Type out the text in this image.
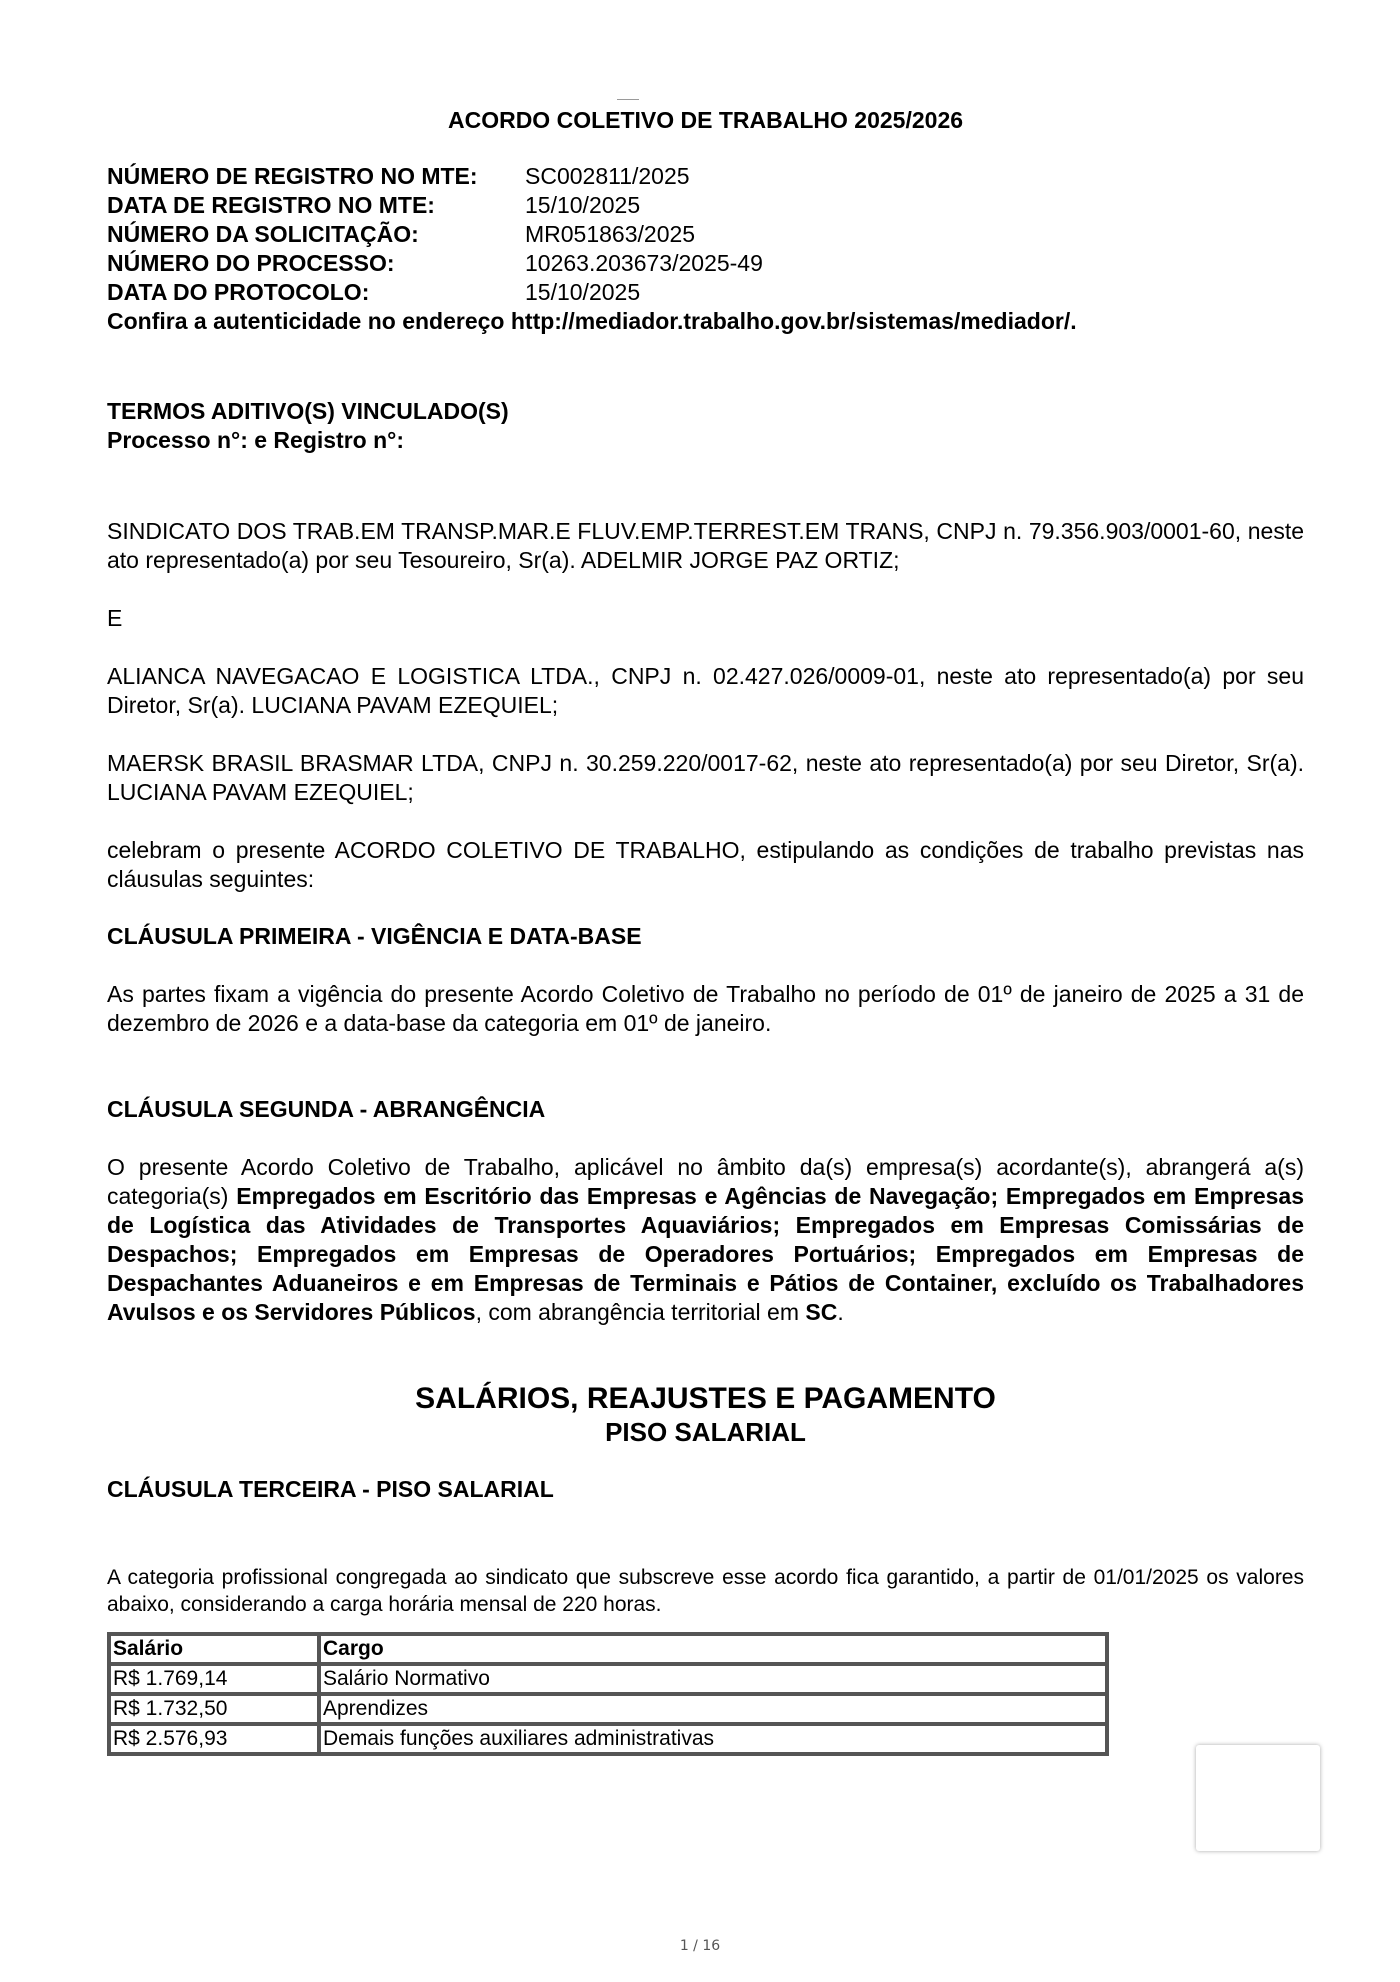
ACORDO COLETIVO DE TRABALHO 2025/2026

NÚMERO DE REGISTRO NO MTE:	SC002811/2025
DATA DE REGISTRO NO MTE:	15/10/2025
NÚMERO DA SOLICITAÇÃO:	MR051863/2025
NÚMERO DO PROCESSO:	10263.203673/2025-49
DATA DO PROTOCOLO:	15/10/2025

Confira a autenticidade no endereço http://mediador.trabalho.gov.br/sistemas/mediador/.

TERMOS ADITIVO(S) VINCULADO(S)
Processo n°: e Registro n°:

SINDICATO DOS TRAB.EM TRANSP.MAR.E FLUV.EMP.TERREST.EM TRANS, CNPJ n. 79.356.903/0001-60, neste ato representado(a) por seu Tesoureiro, Sr(a). ADELMIR JORGE PAZ ORTIZ;

E

ALIANCA NAVEGACAO E LOGISTICA LTDA., CNPJ n. 02.427.026/0009-01, neste ato representado(a) por seu Diretor, Sr(a). LUCIANA PAVAM EZEQUIEL;

MAERSK BRASIL BRASMAR LTDA, CNPJ n. 30.259.220/0017-62, neste ato representado(a) por seu Diretor, Sr(a). LUCIANA PAVAM EZEQUIEL;

celebram o presente ACORDO COLETIVO DE TRABALHO, estipulando as condições de trabalho previstas nas cláusulas seguintes:

CLÁUSULA PRIMEIRA - VIGÊNCIA E DATA-BASE

As partes fixam a vigência do presente Acordo Coletivo de Trabalho no período de 01º de janeiro de 2025 a 31 de dezembro de 2026 e a data-base da categoria em 01º de janeiro.

CLÁUSULA SEGUNDA - ABRANGÊNCIA

O presente Acordo Coletivo de Trabalho, aplicável no âmbito da(s) empresa(s) acordante(s), abrangerá a(s) categoria(s) Empregados em Escritório das Empresas e Agências de Navegação; Empregados em Empresas de Logística das Atividades de Transportes Aquaviários; Empregados em Empresas Comissárias de Despachos; Empregados em Empresas de Operadores Portuários; Empregados em Empresas de Despachantes Aduaneiros e em Empresas de Terminais e Pátios de Container, excluído os Trabalhadores Avulsos e os Servidores Públicos, com abrangência territorial em SC.

SALÁRIOS, REAJUSTES E PAGAMENTO
PISO SALARIAL

CLÁUSULA TERCEIRA - PISO SALARIAL

A categoria profissional congregada ao sindicato que subscreve esse acordo fica garantido, a partir de 01/01/2025 os valores abaixo, considerando a carga horária mensal de 220 horas.

Salário	Cargo
R$ 1.769,14	Salário Normativo
R$ 1.732,50	Aprendizes
R$ 2.576,93	Demais funções auxiliares administrativas
1 / 16
